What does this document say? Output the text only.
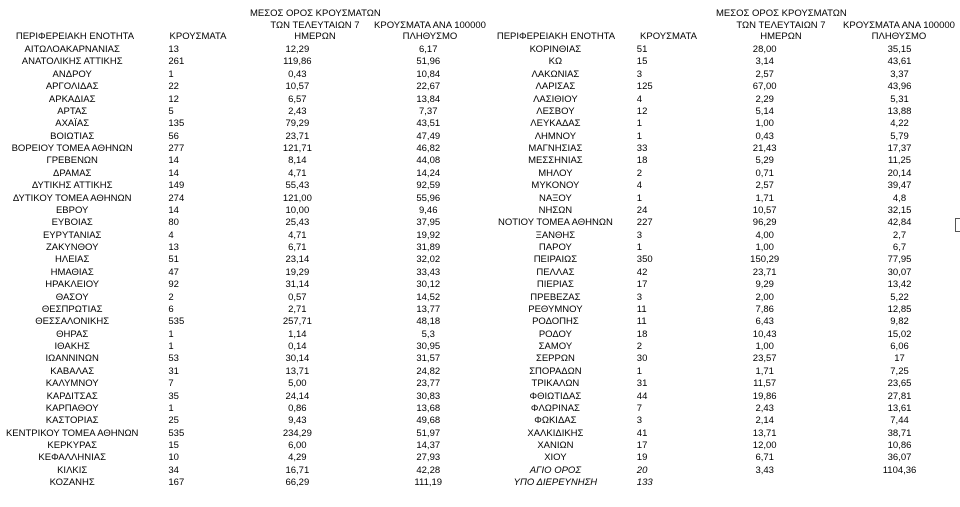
ΠΕΡΙΦΕΡΕΙΑΚΗ ΕΝΟΤΗΤΑ	ΚΡΟΥΣΜΑΤΑ
ΜΕΣΟΣ ΟΡΟΣ ΚΡΟΥΣΜΑΤΩΝ
ΤΩΝ ΤΕΛΕΥΤΑΙΩΝ 7
ΗΜΕΡΩΝ
ΚΡΟΥΣΜΑΤΑ ΑΝΑ 100000
ΠΛΗΘΥΣΜΟ
ΑΙΤΩΛΟΑΚΑΡΝΑΝΙΑΣ	13	12,29	6,17
ΑΝΑΤΟΛΙΚΗΣ ΑΤΤΙΚΗΣ	261	119,86	51,96
ΑΝΔΡΟΥ	1	0,43	10,84
ΑΡΓΟΛΙΔΑΣ	22	10,57	22,67
ΑΡΚΑΔΙΑΣ	12	6,57	13,84
ΑΡΤΑΣ	5	2,43	7,37
ΑΧΑΪΑΣ	135	79,29	43,51
ΒΟΙΩΤΙΑΣ	56	23,71	47,49
ΒΟΡΕΙΟΥ ΤΟΜΕΑ ΑΘΗΝΩΝ	277	121,71	46,82
ΓΡΕΒΕΝΩΝ	14	8,14	44,08
ΔΡΑΜΑΣ	14	4,71	14,24
ΔΥΤΙΚΗΣ ΑΤΤΙΚΗΣ	149	55,43	92,59
ΔΥΤΙΚΟΥ ΤΟΜΕΑ ΑΘΗΝΩΝ	274	121,00	55,96
ΕΒΡΟΥ	14	10,00	9,46
ΕΥΒΟΙΑΣ	80	25,43	37,95
ΕΥΡΥΤΑΝΙΑΣ	4	4,71	19,92
ΖΑΚΥΝΘΟΥ	13	6,71	31,89
ΗΛΕΙΑΣ	51	23,14	32,02
ΗΜΑΘΙΑΣ	47	19,29	33,43
ΗΡΑΚΛΕΙΟΥ	92	31,14	30,12
ΘΑΣΟΥ	2	0,57	14,52
ΘΕΣΠΡΩΤΙΑΣ	6	2,71	13,77
ΘΕΣΣΑΛΟΝΙΚΗΣ	535	257,71	48,18
ΘΗΡΑΣ	1	1,14	5,3
ΙΘΑΚΗΣ	1	0,14	30,95
ΙΩΑΝΝΙΝΩΝ	53	30,14	31,57
ΚΑΒΑΛΑΣ	31	13,71	24,82
ΚΑΛΥΜΝΟΥ	7	5,00	23,77
ΚΑΡΔΙΤΣΑΣ	35	24,14	30,83
ΚΑΡΠΑΘΟΥ	1	0,86	13,68
ΚΑΣΤΟΡΙΑΣ	25	9,43	49,68
ΚΕΝΤΡΙΚΟΥ ΤΟΜΕΑ ΑΘΗΝΩΝ	535	234,29	51,97
ΚΕΡΚΥΡΑΣ	15	6,00	14,37
ΚΕΦΑΛΛΗΝΙΑΣ	10	4,29	27,93
ΚΙΛΚΙΣ	34	16,71	42,28
ΚΟΖΑΝΗΣ	167	66,29	111,19
ΠΕΡΙΦΕΡΕΙΑΚΗ ΕΝΟΤΗΤΑ	ΚΡΟΥΣΜΑΤΑ
ΜΕΣΟΣ ΟΡΟΣ ΚΡΟΥΣΜΑΤΩΝ
ΤΩΝ ΤΕΛΕΥΤΑΙΩΝ 7
ΗΜΕΡΩΝ
ΚΡΟΥΣΜΑΤΑ ΑΝΑ 100000
ΠΛΗΘΥΣΜΟ
ΚΟΡΙΝΘΙΑΣ	51	28,00	35,15
ΚΩ	15	3,14	43,61
ΛΑΚΩΝΙΑΣ	3	2,57	3,37
ΛΑΡΙΣΑΣ	125	67,00	43,96
ΛΑΣΙΘΙΟΥ	4	2,29	5,31
ΛΕΣΒΟΥ	12	5,14	13,88
ΛΕΥΚΑΔΑΣ	1	1,00	4,22
ΛΗΜΝΟΥ	1	0,43	5,79
ΜΑΓΝΗΣΙΑΣ	33	21,43	17,37
ΜΕΣΣΗΝΙΑΣ	18	5,29	11,25
ΜΗΛΟΥ	2	0,71	20,14
ΜΥΚΟΝΟΥ	4	2,57	39,47
ΝΑΞΟΥ	1	1,71	4,8
ΝΗΣΩΝ	24	10,57	32,15
ΝΟΤΙΟΥ ΤΟΜΕΑ ΑΘΗΝΩΝ	227	96,29	42,84
ΞΑΝΘΗΣ	3	4,00	2,7
ΠΑΡΟΥ	1	1,00	6,7
ΠΕΙΡΑΙΩΣ	350	150,29	77,95
ΠΕΛΛΑΣ	42	23,71	30,07
ΠΙΕΡΙΑΣ	17	9,29	13,42
ΠΡΕΒΕΖΑΣ	3	2,00	5,22
ΡΕΘΥΜΝΟΥ	11	7,86	12,85
ΡΟΔΟΠΗΣ	11	6,43	9,82
ΡΟΔΟΥ	18	10,43	15,02
ΣΑΜΟΥ	2	1,00	6,06
ΣΕΡΡΩΝ	30	23,57	17
ΣΠΟΡΑΔΩΝ	1	1,71	7,25
ΤΡΙΚΑΛΩΝ	31	11,57	23,65
ΦΘΙΩΤΙΔΑΣ	44	19,86	27,81
ΦΛΩΡΙΝΑΣ	7	2,43	13,61
ΦΩΚΙΔΑΣ	3	2,14	7,44
ΧΑΛΚΙΔΙΚΗΣ	41	13,71	38,71
ΧΑΝΙΩΝ	17	12,00	10,86
ΧΙΟΥ	19	6,71	36,07
ΑΓΙΟ ΟΡΟΣ	20	3,43	1104,36
ΥΠΟ ΔΙΕΡΕΥΝΗΣΗ	133
